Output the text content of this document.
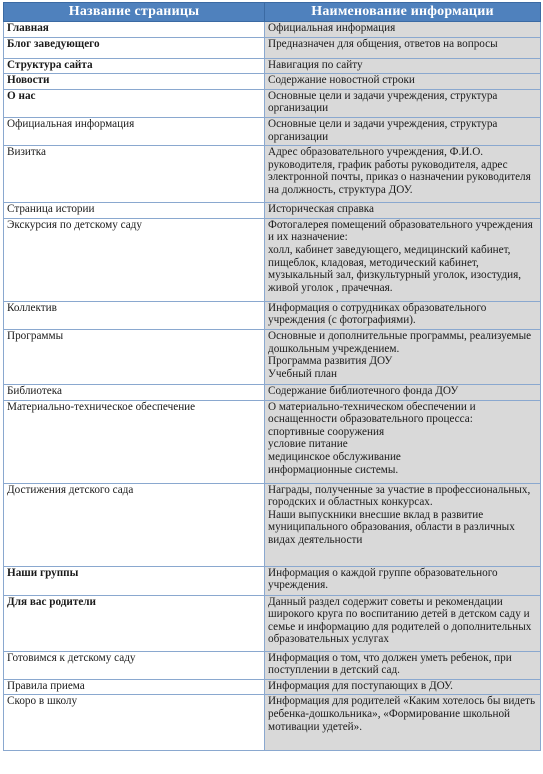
Название страницы	Наименование информации
Главная	Официальная информация
Блог заведующего	Предназначен для общения, ответов на вопросы
Структура сайта	Навигация по сайту
Новости	Содержание новостной строки
О нас	Основные цели и задачи учреждения, структура организации
Официальная информация	Основные цели и задачи учреждения, структура организации
Визитка	Адрес образовательного учреждения, Ф.И.О. руководителя, график работы руководителя, адрес электронной почты, приказ о назначении руководителя на должность, структура ДОУ.
Страница истории	Историческая справка
Экскурсия по детскому саду	Фотогалерея помещений образовательного учреждения и их назначение:
холл, кабинет заведующего, медицинский кабинет, пищеблок, кладовая, методический кабинет, музыкальный зал, физкультурный уголок, изостудия, живой уголок , прачечная.
Коллектив	Информация о сотрудниках образовательного учреждения (с фотографиями).
Программы	Основные и дополнительные программы, реализуемые дошкольным учреждением.
Программа развития ДОУ
Учебный план
Библиотека	Содержание библиотечного фонда ДОУ
Материально-техническое обеспечение	О материально-техническом обеспечении и оснащенности образовательного процесса:
спортивные сооружения
условие питание
медицинское обслуживание
информационные системы.
Достижения детского сада	Награды, полученные за участие в профессиональных, городских и областных конкурсах.
Наши выпускники внесшие вклад в развитие муниципального образования, области в различных видах деятельности
Наши группы	Информация о каждой группе образовательного учреждения.
Для вас родители	Данный раздел содержит советы и рекомендации широкого круга по воспитанию детей в детском саду и семье и информацию для родителей о дополнительных образовательных услугах
Готовимся к детскому саду	Информация о том, что должен уметь ребенок, при поступлении в детский сад.
Правила приема	Информация для поступающих в ДОУ.
Скоро в школу	Информация для родителей «Каким хотелось бы видеть ребенка-дошкольника», «Формирование школьной мотивации удетей».
